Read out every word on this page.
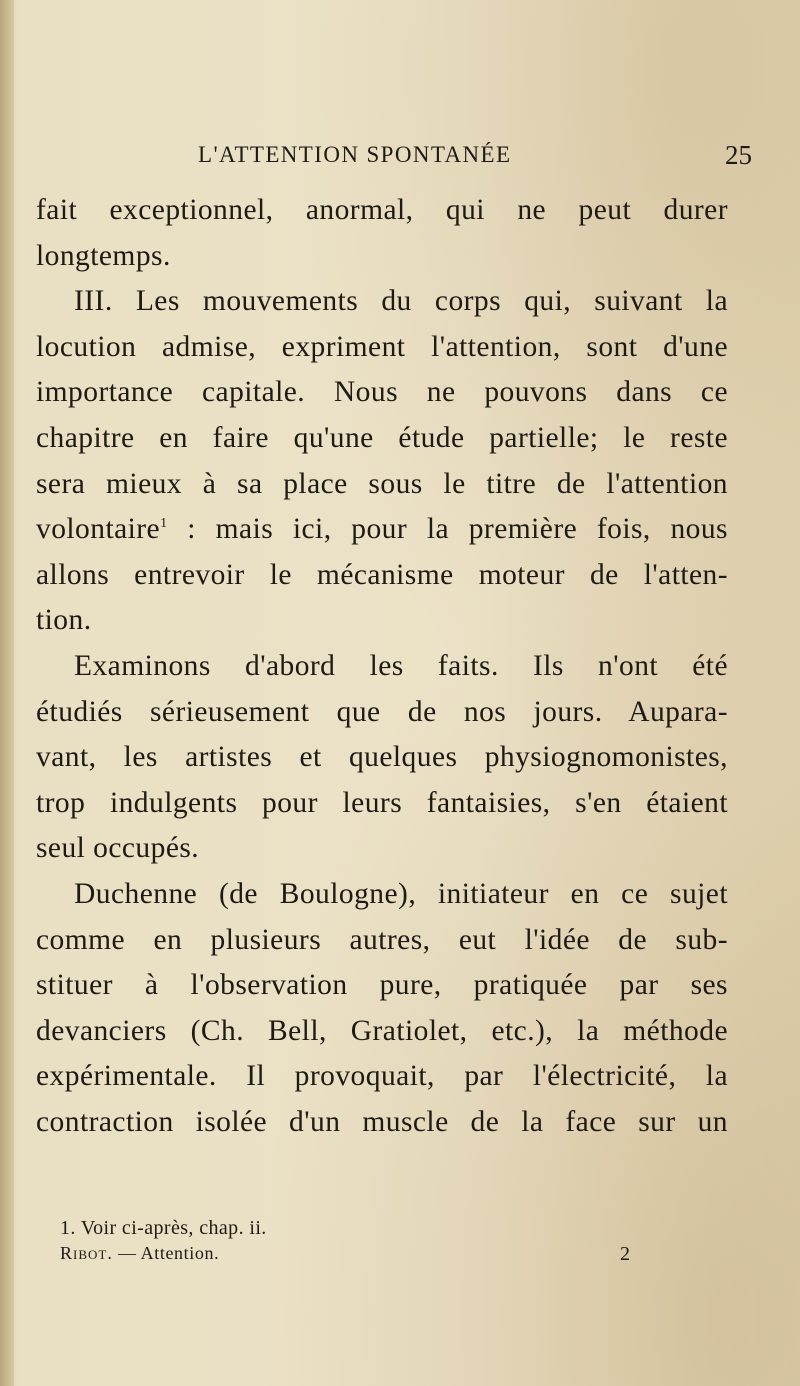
L'ATTENTION SPONTANÉE	25

fait exceptionnel, anormal, qui ne peut durer
longtemps.

III. Les mouvements du corps qui, suivant la
locution admise, expriment l'attention, sont d'une
importance capitale. Nous ne pouvons dans ce
chapitre en faire qu'une étude partielle; le reste
sera mieux à sa place sous le titre de l'attention
volontaire$^1$ : mais ici, pour la première fois, nous
allons entrevoir le mécanisme moteur de l'atten-
tion.

Examinons d'abord les faits. Ils n'ont été
étudiés sérieusement que de nos jours. Aupara-
vant, les artistes et quelques physiognomonistes,
trop indulgents pour leurs fantaisies, s'en étaient
seul occupés.

Duchenne (de Boulogne), initiateur en ce sujet
comme en plusieurs autres, eut l'idée de sub-
stituer à l'observation pure, pratiquée par ses
devanciers (Ch. Bell, Gratiolet, etc.), la méthode
expérimentale. Il provoquait, par l'électricité, la
contraction isolée d'un muscle de la face sur un

1. Voir ci-après, chap. ii.
Ribot. — Attention.	2
